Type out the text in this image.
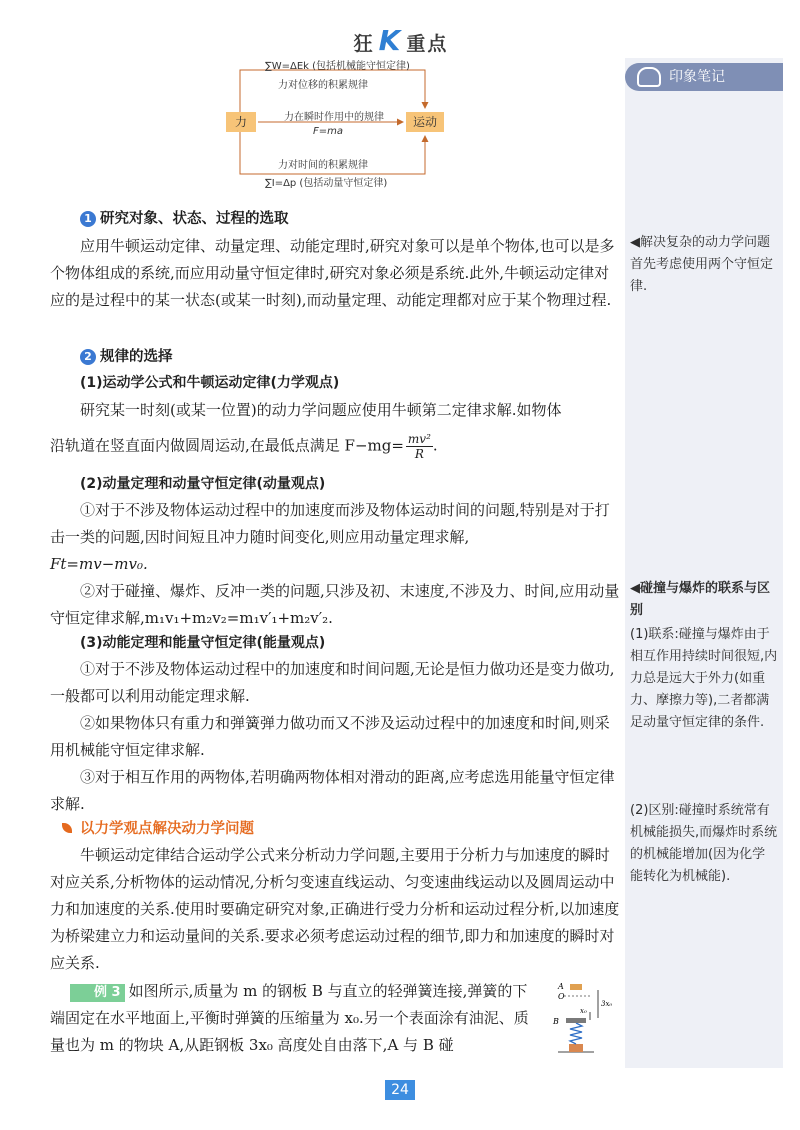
狂 K 重点
∑W=ΔEk (包括机械能守恒定律)
力对位移的积累规律
力在瞬时作用中的规律
F=ma
力对时间的积累规律
∑I=Δp (包括动量守恒定律)
力	运动
印象笔记
◀解决复杂的动力学问题首先考虑使用两个守恒定律.
◀碰撞与爆炸的联系与区别
(1)联系:碰撞与爆炸由于相互作用持续时间很短,内力总是远大于外力(如重力、摩擦力等),二者都满足动量守恒定律的条件.
(2)区别:碰撞时系统常有机械能损失,而爆炸时系统的机械能增加(因为化学能转化为机械能).
1 研究对象、状态、过程的选取
应用牛顿运动定律、动量定理、动能定理时,研究对象可以是单个物体,也可以是多个物体组成的系统,而应用动量守恒定律时,研究对象必须是系统.此外,牛顿运动定律对应的是过程中的某一状态(或某一时刻),而动量定理、动能定理都对应于某个物理过程.
2 规律的选择
(1)运动学公式和牛顿运动定律(力学观点)
研究某一时刻(或某一位置)的动力学问题应使用牛顿第二定律求解.如物体
沿轨道在竖直面内做圆周运动,在最低点满足 $F-mg= \frac{\text{mv²}}{R}$ .
(2)动量定理和动量守恒定律(动量观点)
①对于不涉及物体运动过程中的加速度而涉及物体运动时间的问题,特别是对于打击一类的问题,因时间短且冲力随时间变化,则应用动量定理求解,
Ft=mv−mv₀.
②对于碰撞、爆炸、反冲一类的问题,只涉及初、末速度,不涉及力、时间,应用动量守恒定律求解,m₁v₁+m₂v₂=m₁v′₁+m₂v′₂.
(3)动能定理和能量守恒定律(能量观点)
①对于不涉及物体运动过程中的加速度和时间问题,无论是恒力做功还是变力做功,一般都可以利用动能定理求解.
②如果物体只有重力和弹簧弹力做功而又不涉及运动过程中的加速度和时间,则采用机械能守恒定律求解.
③对于相互作用的两物体,若明确两物体相对滑动的距离,应考虑选用能量守恒定律求解.
以力学观点解决动力学问题
牛顿运动定律结合运动学公式来分析动力学问题,主要用于分析力与加速度的瞬时对应关系,分析物体的运动情况,分析匀变速直线运动、匀变速曲线运动以及圆周运动中力和加速度的关系.使用时要确定研究对象,正确进行受力分析和运动过程分析,以加速度为桥梁建立力和运动量间的关系.要求必须考虑运动过程的细节,即力和加速度的瞬时对应关系.
例 3 如图所示,质量为 m 的钢板 B 与直立的轻弹簧连接,弹簧的下端固定在水平地面上,平衡时弹簧的压缩量为 x₀.另一个表面涂有油泥、质量也为 m 的物块 A,从距钢板 3x₀ 高度处自由落下,A 与 B 碰
A
O
B
x₀
3x₀
24
